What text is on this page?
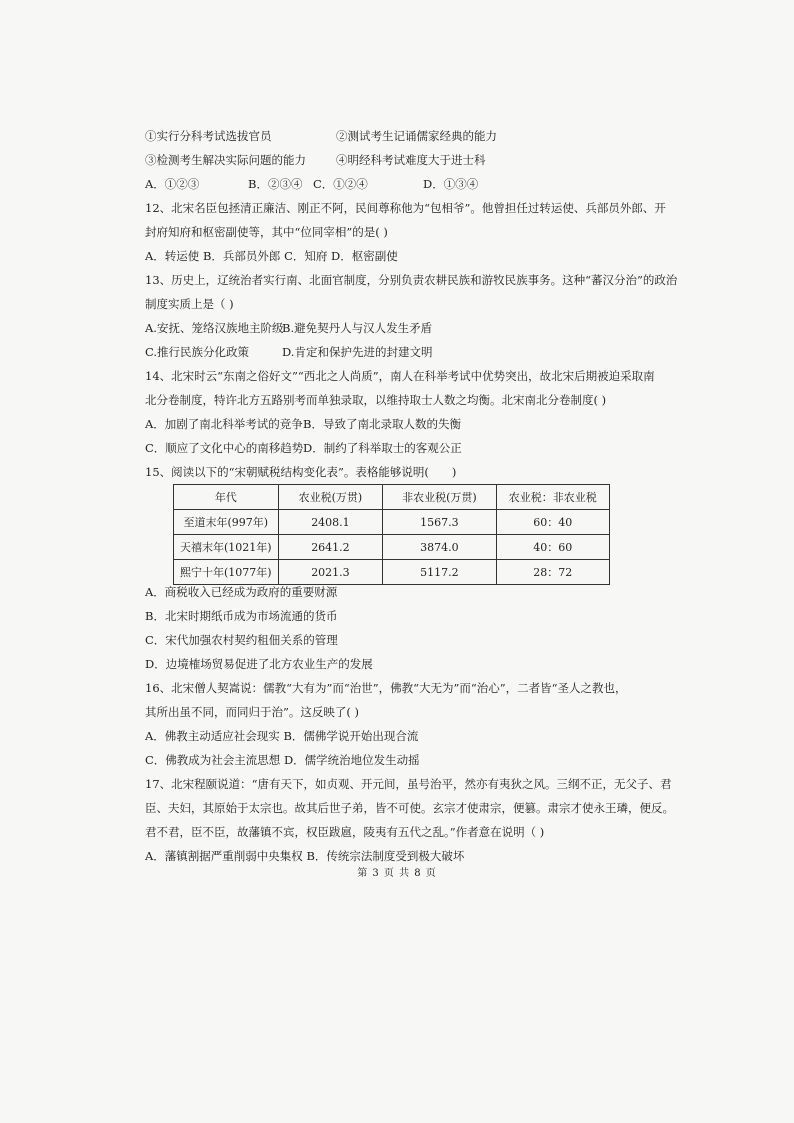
①实行分科考试选拔官员	②测试考生记诵儒家经典的能力
③检测考生解决实际问题的能力	④明经科考试难度大于进士科
A．①②③	B．②③④ C．①②④	D．①③④
12、北宋名臣包拯清正廉洁、刚正不阿，民间尊称他为“包相爷”。他曾担任过转运使、兵部员外郎、开
封府知府和枢密副使等，其中“位同宰相”的是( )
A．转运使 B．兵部员外郎 C．知府 D．枢密副使
13、历史上，辽统治者实行南、北面官制度，分别负责农耕民族和游牧民族事务。这种“蕃汉分治”的政治
制度实质上是（ )
A.安抚、笼络汉族地主阶级
B.避免契丹人与汉人发生矛盾
C.推行民族分化政策	D.肯定和保护先进的封建文明
14、北宋时云“东南之俗好文”“西北之人尚质”，南人在科举考试中优势突出，故北宋后期被迫采取南
北分卷制度，特许北方五路别考而单独录取，以维持取士人数之均衡。北宋南北分卷制度( )
A．加剧了南北科举考试的竞争 B．导致了南北录取人数的失衡
C．顺应了文化中心的南移趋势 D．制约了科举取士的客观公正
15、阅读以下的“宋朝赋税结构变化表”。表格能够说明(　　)
年代	农业税(万贯)	非农业税(万贯)	农业税：非农业税
至道末年(997年)	2408.1	1567.3	60：40
天禧末年(1021年)	2641.2	3874.0	40：60
熙宁十年(1077年)	2021.3	5117.2	28：72
A．商税收入已经成为政府的重要财源
B．北宋时期纸币成为市场流通的货币
C．宋代加强农村契约租佃关系的管理
D．边境榷场贸易促进了北方农业生产的发展
16、北宋僧人契嵩说：儒教“大有为”而“治世”，佛教“大无为”而“治心”，二者皆“圣人之教也，
其所出虽不同，而同归于治”。这反映了( )
A．佛教主动适应社会现实 B．儒佛学说开始出现合流
C．佛教成为社会主流思想 D．儒学统治地位发生动摇
17、北宋程颐说道：“唐有天下，如贞观、开元间，虽号治平，然亦有夷狄之风。三纲不正，无父子、君
臣、夫妇，其原始于太宗也。故其后世子弟，皆不可使。玄宗才使肃宗，便篡。肃宗才使永王璘，便反。
君不君，臣不臣，故藩镇不宾，权臣跋扈，陵夷有五代之乱。”作者意在说明（ )
A．藩镇割据严重削弱中央集权 B．传统宗法制度受到极大破坏
第 3 页 共 8 页
